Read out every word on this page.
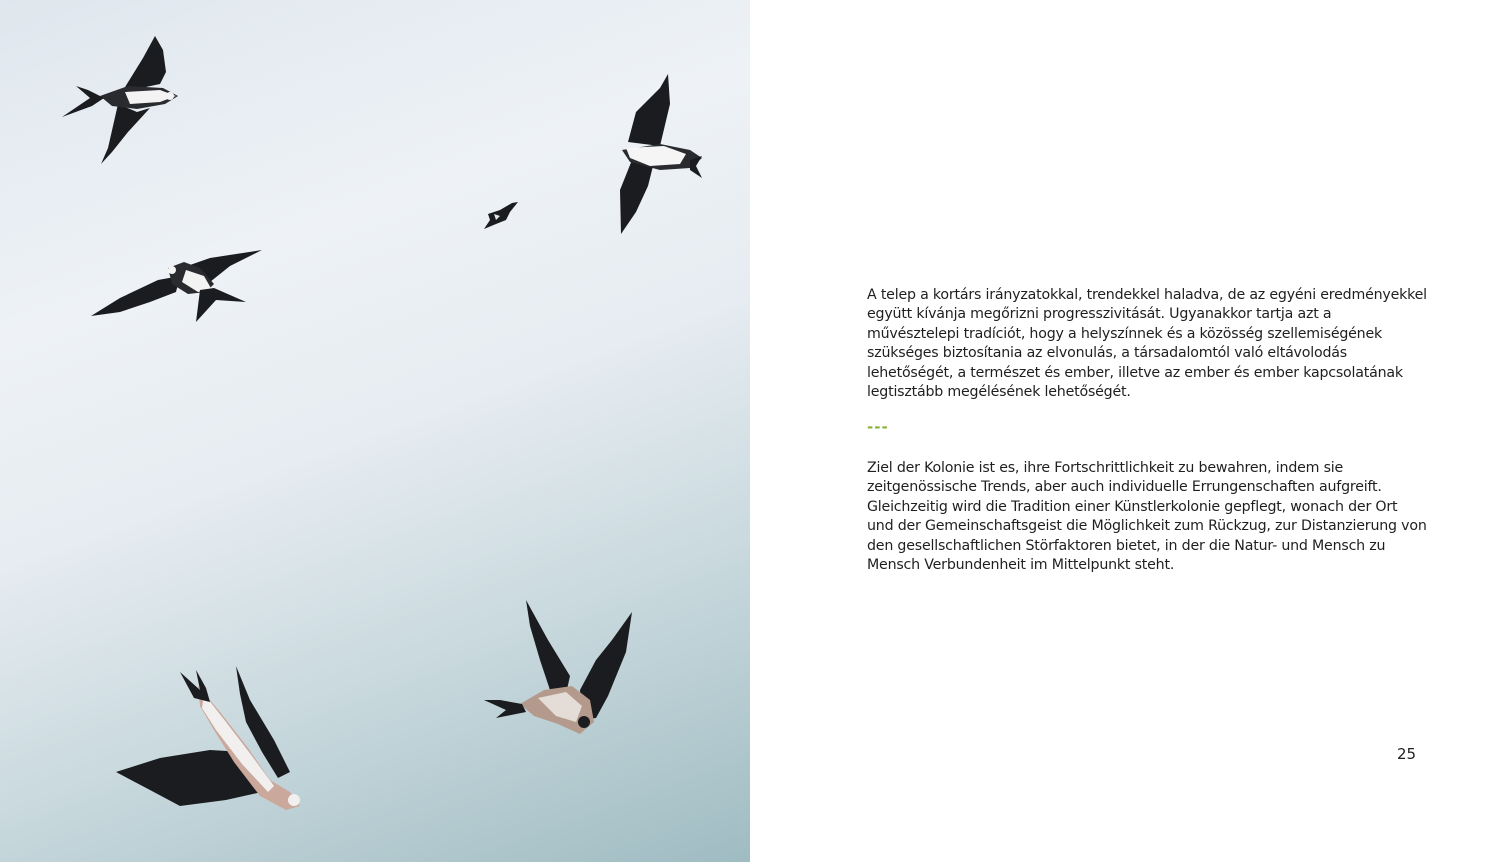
A telep a kortárs irányzatokkal, trendekkel haladva, de az egyéni eredményekkel együtt kívánja megőrizni progresszivitását. Ugyanakkor tartja azt a művésztelepi tradíciót, hogy a helyszínnek és a közösség szellemiségének szükséges biztosítania az elvonulás, a társadalomtól való eltávolodás lehetőségét, a természet és ember, illetve az ember és ember kapcsolatának legtisztább megélésének lehetőségét.

---

Ziel der Kolonie ist es, ihre Fortschrittlichkeit zu bewahren, indem sie zeitgenössische Trends, aber auch individuelle Errungenschaften aufgreift. Gleichzeitig wird die Tradition einer Künstlerkolonie gepflegt, wonach der Ort und der Gemeinschaftsgeist die Möglichkeit zum Rückzug, zur Distanzierung von den gesellschaftlichen Störfaktoren bietet, in der die Natur- und Mensch zu Mensch Verbundenheit im Mittelpunkt steht.

25
